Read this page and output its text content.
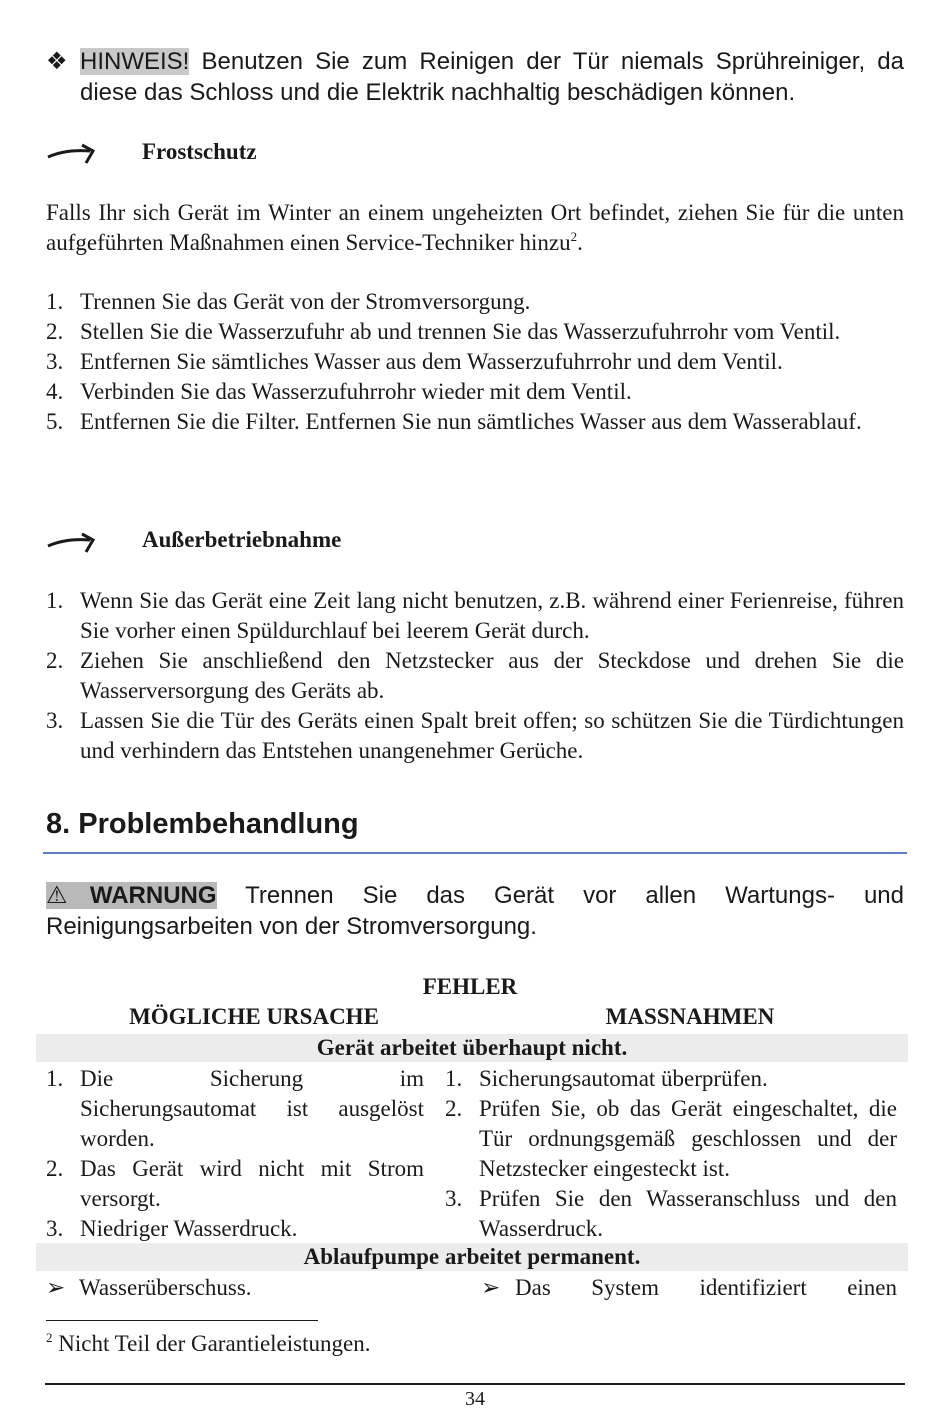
❖ HINWEIS! Benutzen Sie zum Reinigen der Tür niemals Sprühreiniger, da diese das Schloss und die Elektrik nachhaltig beschädigen können.
Frostschutz
Falls Ihr sich Gerät im Winter an einem ungeheizten Ort befindet, ziehen Sie für die unten aufgeführten Maßnahmen einen Service-Techniker hinzu$^2$.
1. Trennen Sie das Gerät von der Stromversorgung.
2. Stellen Sie die Wasserzufuhr ab und trennen Sie das Wasserzufuhrrohr vom Ventil.
3. Entfernen Sie sämtliches Wasser aus dem Wasserzufuhrrohr und dem Ventil.
4. Verbinden Sie das Wasserzufuhrrohr wieder mit dem Ventil.
5. Entfernen Sie die Filter. Entfernen Sie nun sämtliches Wasser aus dem Wasserablauf.
Außerbetriebnahme
1. Wenn Sie das Gerät eine Zeit lang nicht benutzen, z.B. während einer Ferienreise, führen Sie vorher einen Spüldurchlauf bei leerem Gerät durch.
2. Ziehen Sie anschließend den Netzstecker aus der Steckdose und drehen Sie die Wasserversorgung des Geräts ab.
3. Lassen Sie die Tür des Geräts einen Spalt breit offen; so schützen Sie die Türdichtungen und verhindern das Entstehen unangenehmer Gerüche.
8. Problembehandlung
⚠WARNUNG Trennen Sie das Gerät vor allen Wartungs- und Reinigungsarbeiten von der Stromversorgung.
FEHLER
MÖGLICHE URSACHE	MASSNAHMEN
Gerät arbeitet überhaupt nicht.
1. Die Sicherung im Sicherungsautomat ist ausgelöst worden.
2. Das Gerät wird nicht mit Strom versorgt.
3. Niedriger Wasserdruck.
1. Sicherungsautomat überprüfen.
2. Prüfen Sie, ob das Gerät eingeschaltet, die Tür ordnungsgemäß geschlossen und der Netzstecker eingesteckt ist.
3. Prüfen Sie den Wasseranschluss und den Wasserdruck.
Ablaufpumpe arbeitet permanent.
➢ Wasserüberschuss.	➢ Das System identifiziert einen
$^2$ Nicht Teil der Garantieleistungen.
34
